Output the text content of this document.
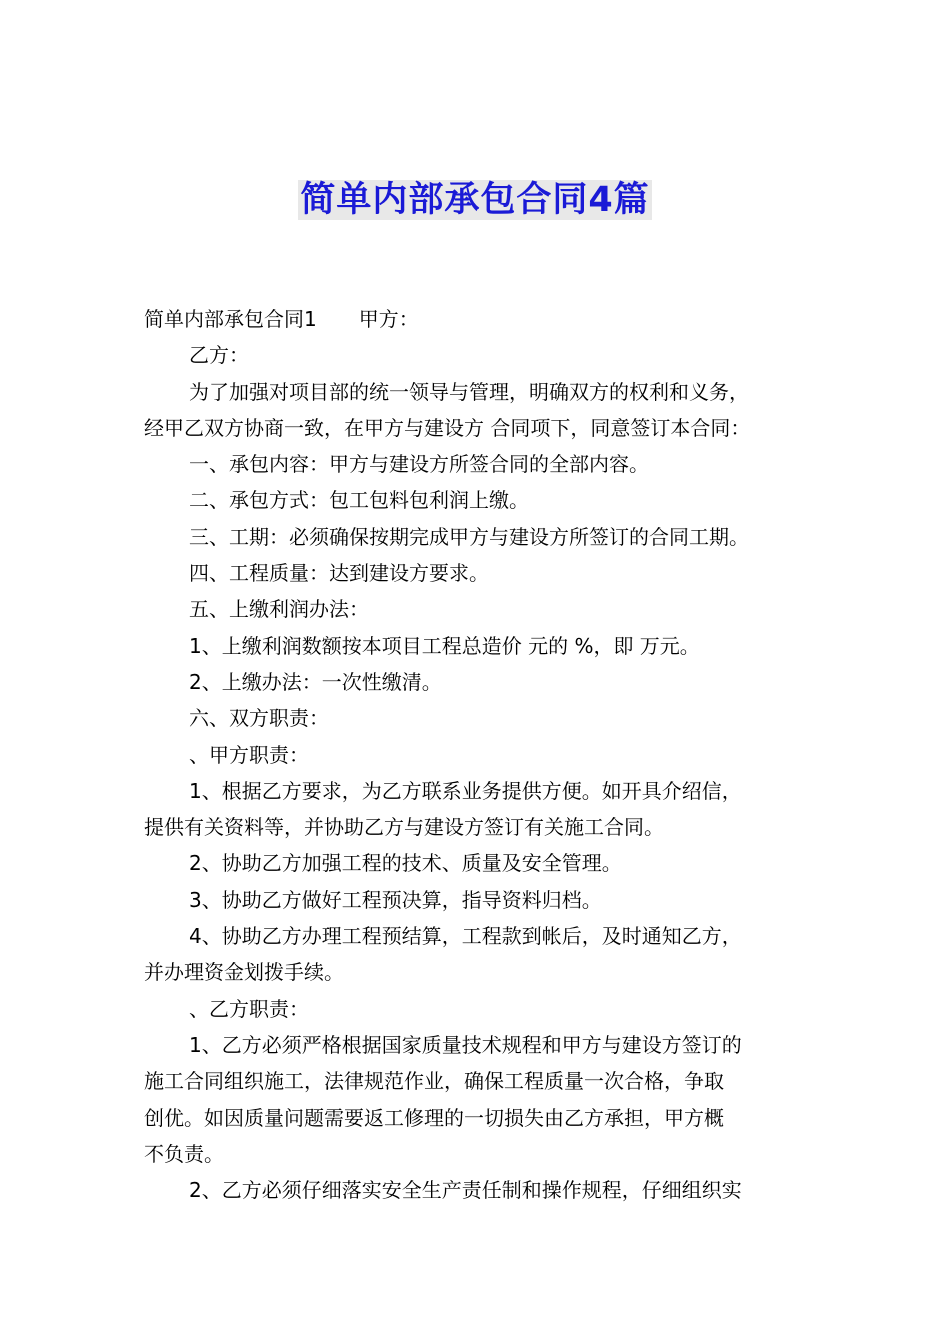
简单内部承包合同4篇

简单内部承包合同1 甲方：

乙方：

为了加强对项目部的统一领导与管理，明确双方的权利和义务，

经甲乙双方协商一致，在甲方与建设方 合同项下，同意签订本合同：

一、承包内容：甲方与建设方所签合同的全部内容。

二、承包方式：包工包料包利润上缴。

三、工期：必须确保按期完成甲方与建设方所签订的合同工期。

四、工程质量：达到建设方要求。

五、上缴利润办法：

1、上缴利润数额按本项目工程总造价 元的 %，即 万元。

2、上缴办法：一次性缴清。

六、双方职责：

、甲方职责：

1、根据乙方要求，为乙方联系业务提供方便。如开具介绍信，

提供有关资料等，并协助乙方与建设方签订有关施工合同。

2、协助乙方加强工程的技术、质量及安全管理。

3、协助乙方做好工程预决算，指导资料归档。

4、协助乙方办理工程预结算，工程款到帐后，及时通知乙方，

并办理资金划拨手续。

、乙方职责：

1、乙方必须严格根据国家质量技术规程和甲方与建设方签订的

施工合同组织施工，法律规范作业，确保工程质量一次合格，争取

创优。如因质量问题需要返工修理的一切损失由乙方承担，甲方概

不负责。

2、乙方必须仔细落实安全生产责任制和操作规程，仔细组织实
